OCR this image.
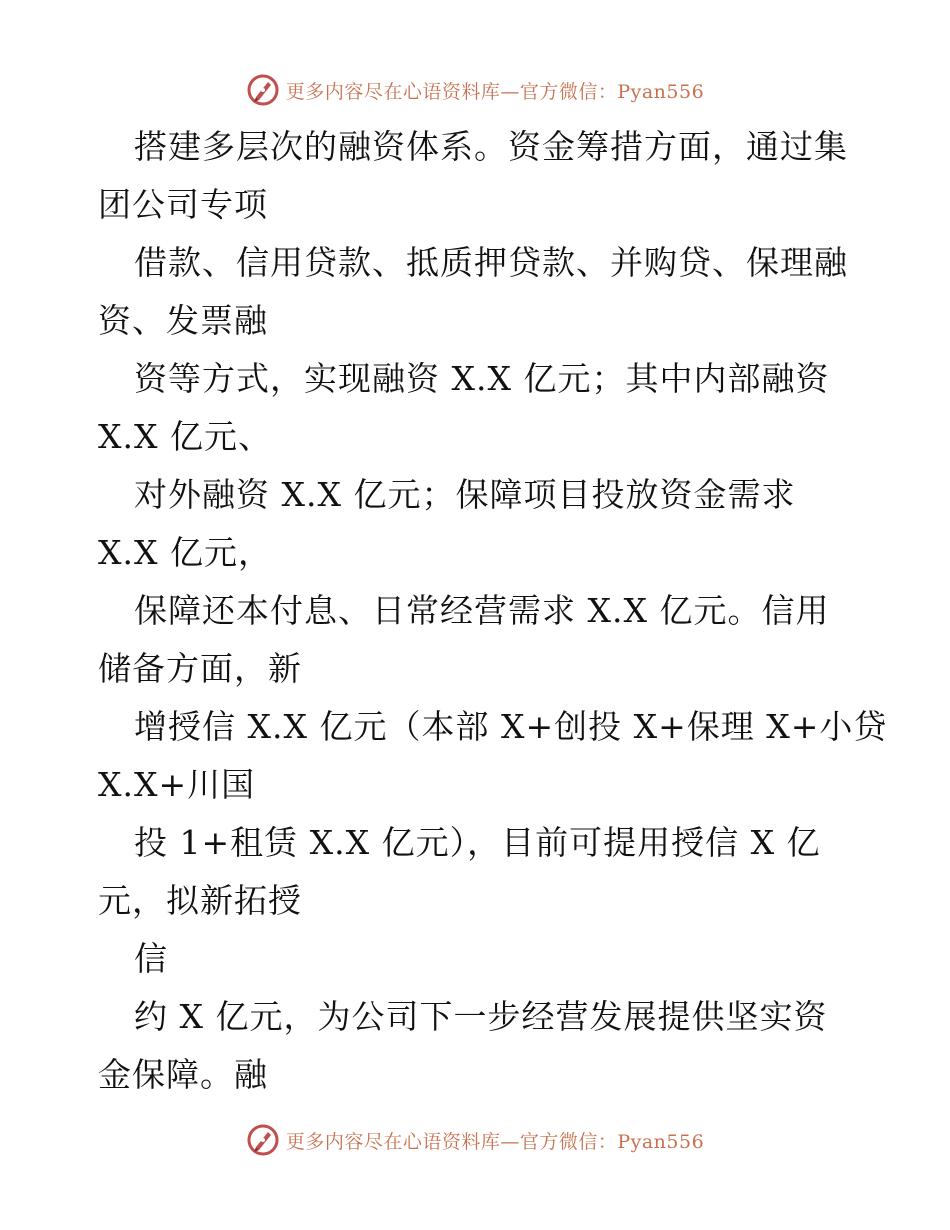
更多内容尽在心语资料库—官方微信：Pyan556
搭建多层次的融资体系。资金筹措方面，通过集
团公司专项
借款、信用贷款、抵质押贷款、并购贷、保理融
资、发票融
资等方式，实现融资 X.X 亿元；其中内部融资
X.X 亿元、
对外融资 X.X 亿元；保障项目投放资金需求
X.X 亿元，
保障还本付息、日常经营需求 X.X 亿元。信用
储备方面，新
增授信 X.X 亿元（本部 X+创投 X+保理 X+小贷
X.X+川国
投 1+租赁 X.X 亿元），目前可提用授信 X 亿
元，拟新拓授
信
约 X 亿元，为公司下一步经营发展提供坚实资
金保障。融
更多内容尽在心语资料库—官方微信：Pyan556
